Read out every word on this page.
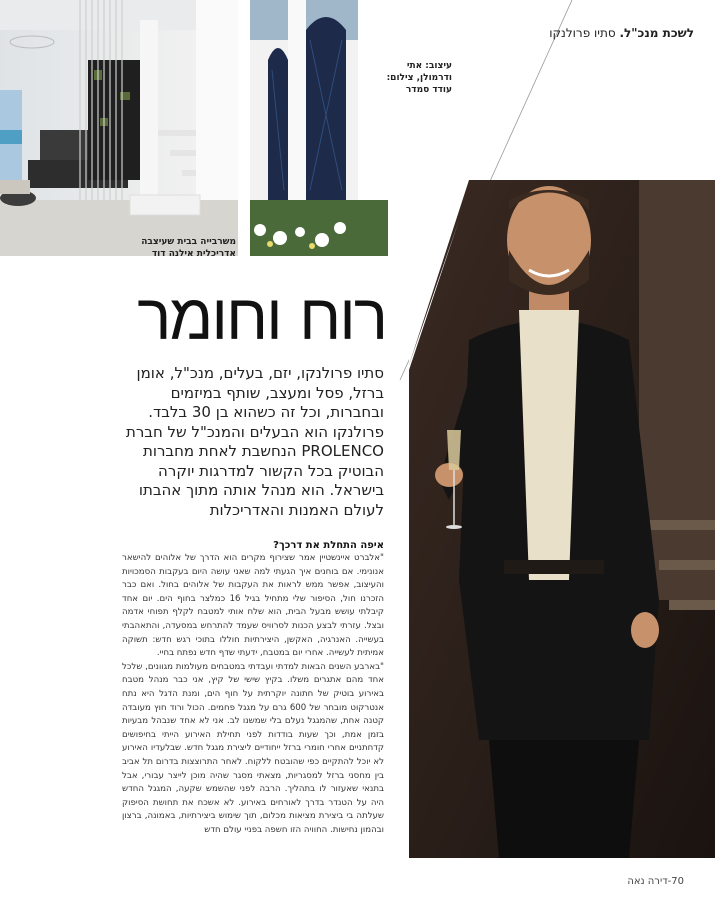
משרבייה בבית שעיצבה
אדריכלית אילנה דוד
עיצוב: אתי
ודרמולן, צילום:
עודד סמדר
לשכת מנכ"ל. סתיו פרולנקו
רוח וחומר
סתיו פרולנקו, יזם, בעלים, מנכ"ל, אומן ברזל, פסל ומעצב, שותף במיזמים ובחברות, וכל זה כשהוא בן 30 בלבד. פרולנקו הוא הבעלים והמנכ"ל של חברת PROLENCO הנחשבת לאחת מחברות הבוטיק בכל הקשור למדרגות יוקרה בישראל. הוא מנהל אותה מתוך אהבתו לעולם האמנות והאדריכלות
איפה התחלת את דרכך?

"אלברט איינשטיין אמר שצירוף מקרים הוא הדרך של אלוהים להישאר אנונימי. אם בוחנים איך הגעתי למה שאני עושה היום בעקבות הסמכויות והעיצוב, אפשר ממש לראות את העקבות של אלוהים בחול. ואם כבר הזכרנו חול, הסיפור שלי מתחיל בגיל 16 כמלצר בחוף הים. יום אחד קיבלתי עושש מבעל הבית, הוא שלח אותי למטבח לקלף תפוחי אדמה ובצל. עזרתי לבצע הכנות לסרוויס שעמד להתרחש במסעדה, והתאהבתי בעשייה. האנרגיה, האקשן, היצירתיות חוללו בתוכי רגש חדש: תשוקה אמיתית לעשייה. אחרי יום במטבח, ידעתי שדף חדש נפתח בחיי.

"בארבע השנים הבאות למדתי ועבדתי במטבחים מעולמות מגוונים, שלכל אחד מהם אתגרים משלו. בקיץ שישי של קיץ, אני כבר מנהל מטבח באירוע בוטיק של חתונה יוקרתית על חוף הים, ומנת הדגל היא נתח אנטרקוט מובחר של 600 גרם על מגגל פחמים. הכול ורוד חוץ מעובדה קטנה אחת, שהמגגל נעלם בלי שמשנו לב. אני לא אחד שנבהל מבעיות בזמן אמת, וכך שעות בודדות לפני תחילת האירוע הייתי בחיפושים קדחתניים אחרי חומרי ברזל ייחודיים ליצירת מגגל חדש. שבלעדיו האירוע לא יוכל להתקיים כפי שהובטח ללקוח. לאחר התרוצצות בדרום תל אביב בין מחסני ברזל למסגריות, מצאתי מסגר שהיה מוכן לייצר עבורי, אבל בתנאי שאעזור לו בתהליך. הרבה לפני שהשמש שקעה, המגגל החדש היה על הטנדר בדרך לאורחים באירוע. לא אשכח את תחושת הסיפוק שעלתה בי ביצירת מציאות מכלום, תוך שימוש ביצירתיות, באמונה, ברצון ובהמון נחישות. החוויה הזו חשפה בפניי עולם חדש

70-דירה נאה
